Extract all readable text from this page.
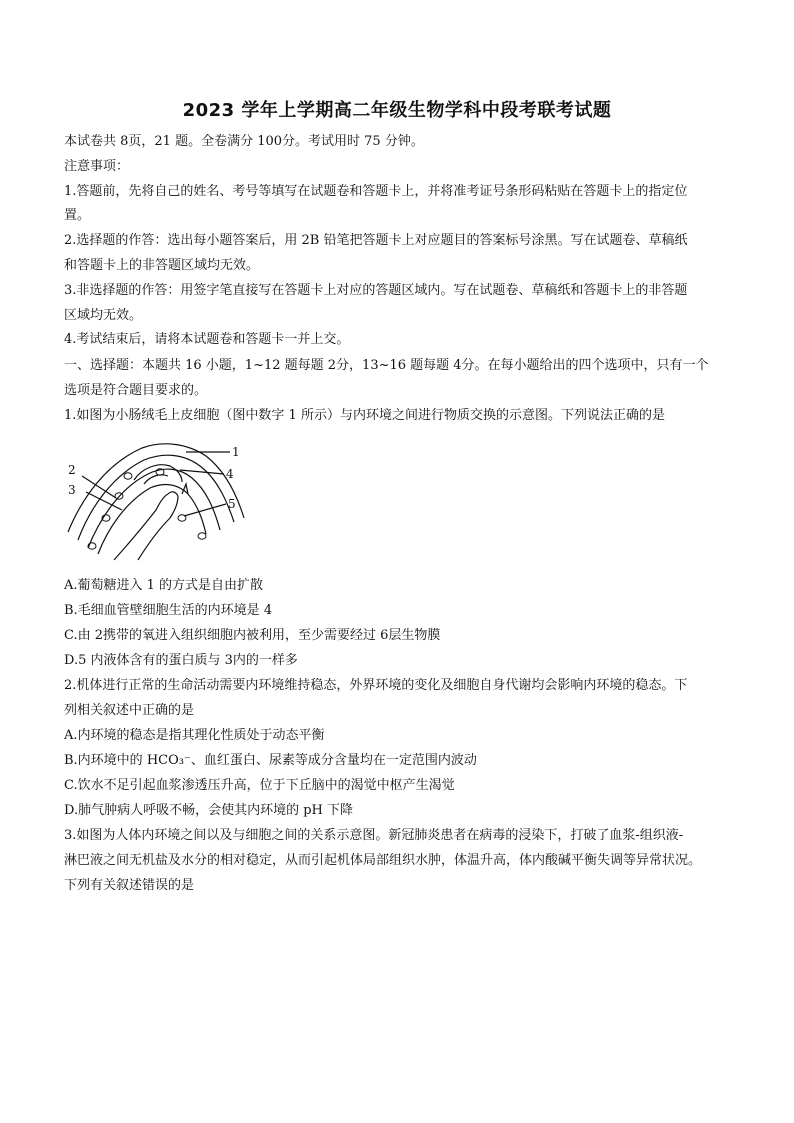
2023 学年上学期高二年级生物学科中段考联考试题
本试卷共 8页，21 题。全卷满分 100分。考试用时 75 分钟。
注意事项：
1.答题前，先将自己的姓名、考号等填写在试题卷和答题卡上，并将准考证号条形码粘贴在答题卡上的指定位
置。
2.选择题的作答：选出每小题答案后，用 2B 铅笔把答题卡上对应题目的答案标号涂黑。写在试题卷、草稿纸
和答题卡上的非答题区域均无效。
3.非选择题的作答：用签字笔直接写在答题卡上对应的答题区域内。写在试题卷、草稿纸和答题卡上的非答题
区域均无效。
4.考试结束后，请将本试题卷和答题卡一并上交。
一、选择题：本题共 16 小题，1~12 题每题 2分，13~16 题每题 4分。在每小题给出的四个选项中，只有一个
选项是符合题目要求的。
1.如图为小肠绒毛上皮细胞（图中数字 1 所示）与内环境之间进行物质交换的示意图。下列说法正确的是
1
2
3
4
5
A.葡萄糖进入 1 的方式是自由扩散
B.毛细血管壁细胞生活的内环境是 4
C.由 2携带的氧进入组织细胞内被利用，至少需要经过 6层生物膜
D.5 内液体含有的蛋白质与 3内的一样多
2.机体进行正常的生命活动需要内环境维持稳态，外界环境的变化及细胞自身代谢均会影响内环境的稳态。下
列相关叙述中正确的是
A.内环境的稳态是指其理化性质处于动态平衡
B.内环境中的 HCO₃⁻、血红蛋白、尿素等成分含量均在一定范围内波动
C.饮水不足引起血浆渗透压升高，位于下丘脑中的渴觉中枢产生渴觉
D.肺气肿病人呼吸不畅，会使其内环境的 pH 下降
3.如图为人体内环境之间以及与细胞之间的关系示意图。新冠肺炎患者在病毒的浸染下，打破了血浆-组织液-
淋巴液之间无机盐及水分的相对稳定，从而引起机体局部组织水肿，体温升高，体内酸碱平衡失调等异常状况。
下列有关叙述错误的是
